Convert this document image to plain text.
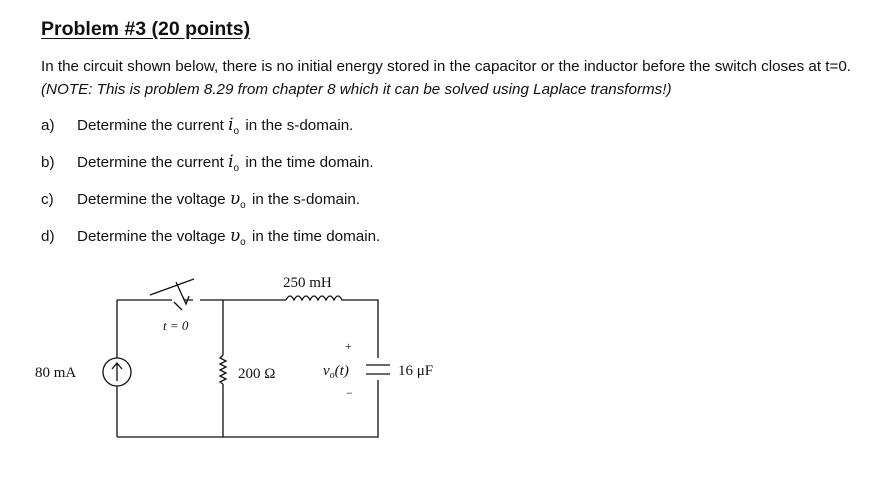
Problem #3 (20 points)
In the circuit shown below, there is no initial energy stored in the capacitor or the inductor before the switch closes at t=0. (NOTE: This is problem 8.29 from chapter 8 which it can be solved using Laplace transforms!)
a) Determine the current $i_o$ in the s-domain.
b) Determine the current $i_o$ in the time domain.
c) Determine the voltage $\upsilon_o$ in the s-domain.
d) Determine the voltage $\upsilon_o$ in the time domain.
80 mA
t = 0
250 mH
200 Ω
+
−
$v_o(t)$	16 μF
